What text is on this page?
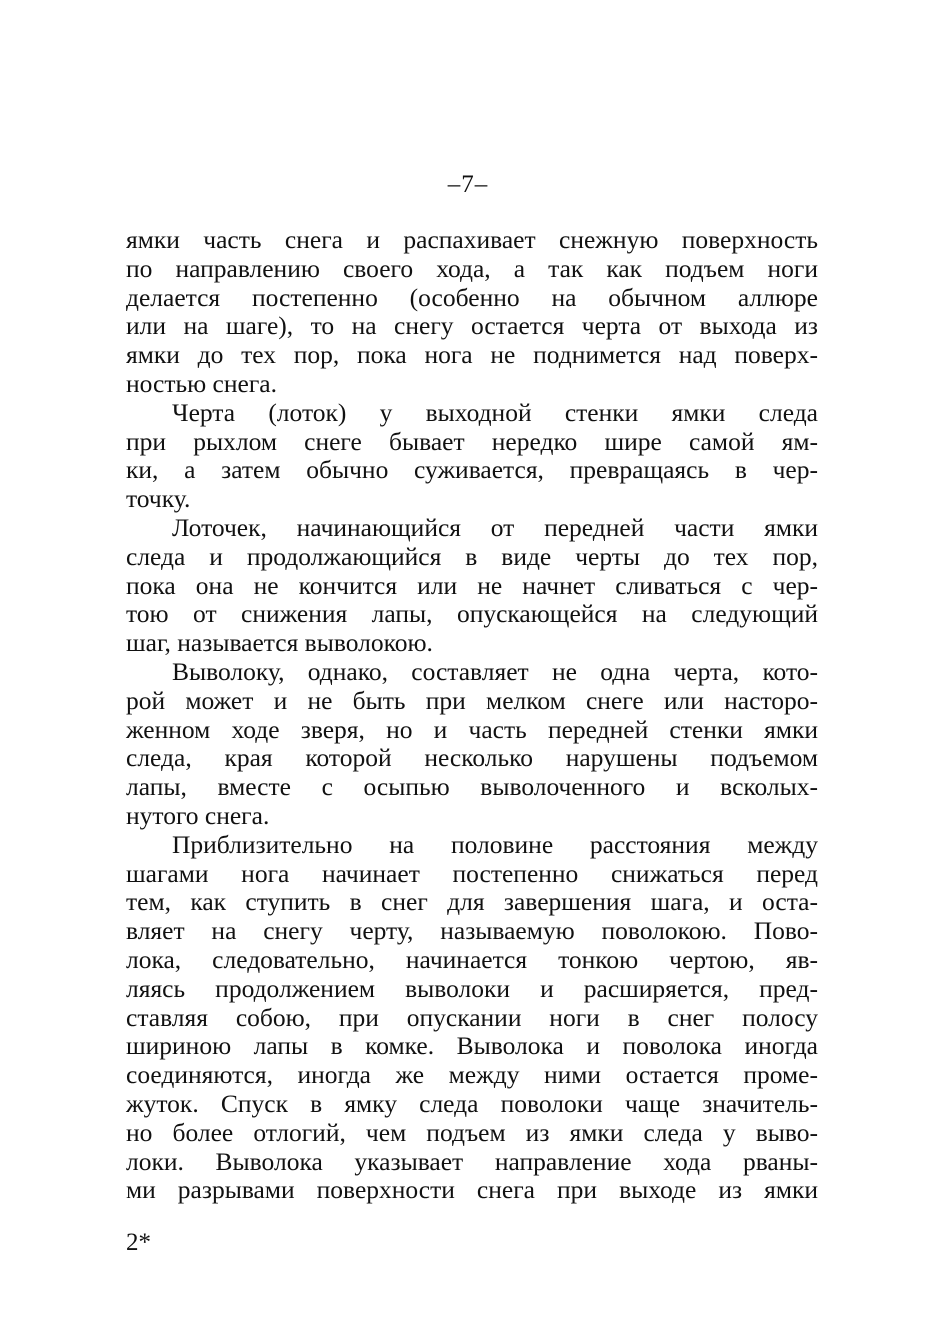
–7–
ямки часть снега и распахивает снежную поверхность
по направлению своего хода, а так как подъем ноги
делается постепенно (особенно на обычном аллюре
или на шаге), то на снегу остается черта от выхода из
ямки до тех пор, пока нога не поднимется над поверх-
ностью снега.
Черта (лоток) у выходной стенки ямки следа
при рыхлом снеге бывает нередко шире самой ям-
ки, а затем обычно суживается, превращаясь в чер-
точку.
Лоточек, начинающийся от передней части ямки
следа и продолжающийся в виде черты до тех пор,
пока она не кончится или не начнет сливаться с чер-
тою от снижения лапы, опускающейся на следующий
шаг, называется выволокою.
Выволоку, однако, составляет не одна черта, кото-
рой может и не быть при мелком снеге или насторо-
женном ходе зверя, но и часть передней стенки ямки
следа, края которой несколько нарушены подъемом
лапы, вместе с осыпью выволоченного и всколых-
нутого снега.
Приблизительно на половине расстояния между
шагами нога начинает постепенно снижаться перед
тем, как ступить в снег для завершения шага, и оста-
вляет на снегу черту, называемую поволокою. Пово-
лока, следовательно, начинается тонкою чертою, яв-
ляясь продолжением выволоки и расширяется, пред-
ставляя собою, при опускании ноги в снег полосу
шириною лапы в комке. Выволока и поволока иногда
соединяются, иногда же между ними остается проме-
жуток. Спуск в ямку следа поволоки чаще значитель-
но более отлогий, чем подъем из ямки следа у выво-
локи. Выволока указывает направление хода рваны-
ми разрывами поверхности снега при выходе из ямки
2*
